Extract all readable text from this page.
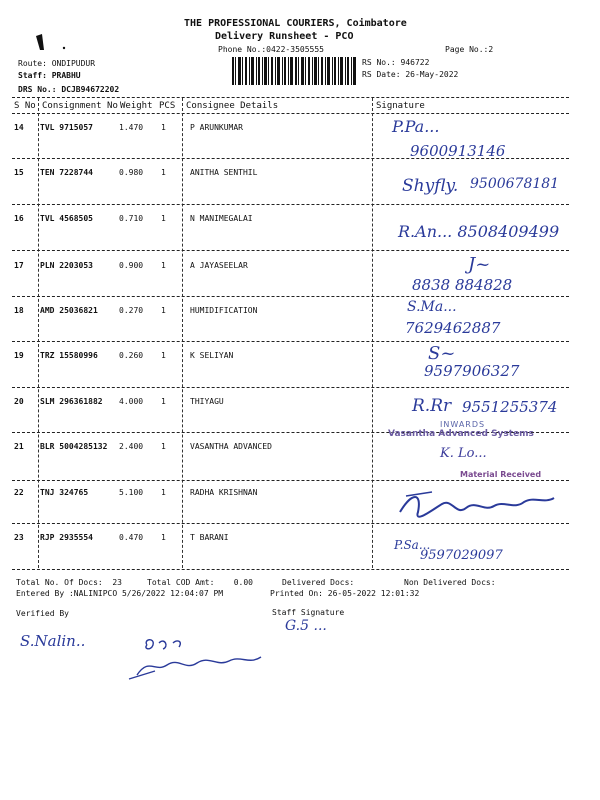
THE PROFESSIONAL COURIERS, Coimbatore
Delivery Runsheet - PCO
Phone No.:0422-3505555	Page No.:2
Route: ONDIPUDUR
Staff: PRABHU
DRS No.: DCJB94672202
RS No.: 946722
RS Date: 26-May-2022
S No Consignment No Weight PCS Consignee Details	Signature
14 TVL 9715057	1.470 1	P ARUNKUMAR	P.Pa...
9600913146
15 TEN 7228744	0.980 1	ANITHA SENTHIL
Shyfly. 9500678181
16 TVL 4568505	0.710 1	N MANIMEGALAI
R.An... 8508409499
17 PLN 2203053	0.900 1	A JAYASEELAR	J~
8838 884828
18 AMD 25036821	0.270 1	HUMIDIFICATION	S.Ma...
7629462887
19 TRZ 15580996	0.260 1	K SELIYAN	S~
9597906327
20 SLM 296361882 4.000 1	THIYAGU	R.Rr 9551255374
21 BLR 5004285132 2.400 1	VASANTHA ADVANCED
INWARDS
Vasantha Advanced Systems
K. Lo...
Material Received
22 TNJ 324765	5.100 1	RADHA KRISHNAN
23 RJP 2935554	0.470 1	T BARANI
P.Sa...
9597029097
Total No. Of Docs:  23	Total COD Amt:    0.00	Delivered Docs:	Non Delivered Docs:
Entered By :NALINIPCO 5/26/2022 12:04:07 PM	Printed On: 26-05-2022 12:01:32
Verified By	Staff Signature
S.Nalin..
G.5 ...
